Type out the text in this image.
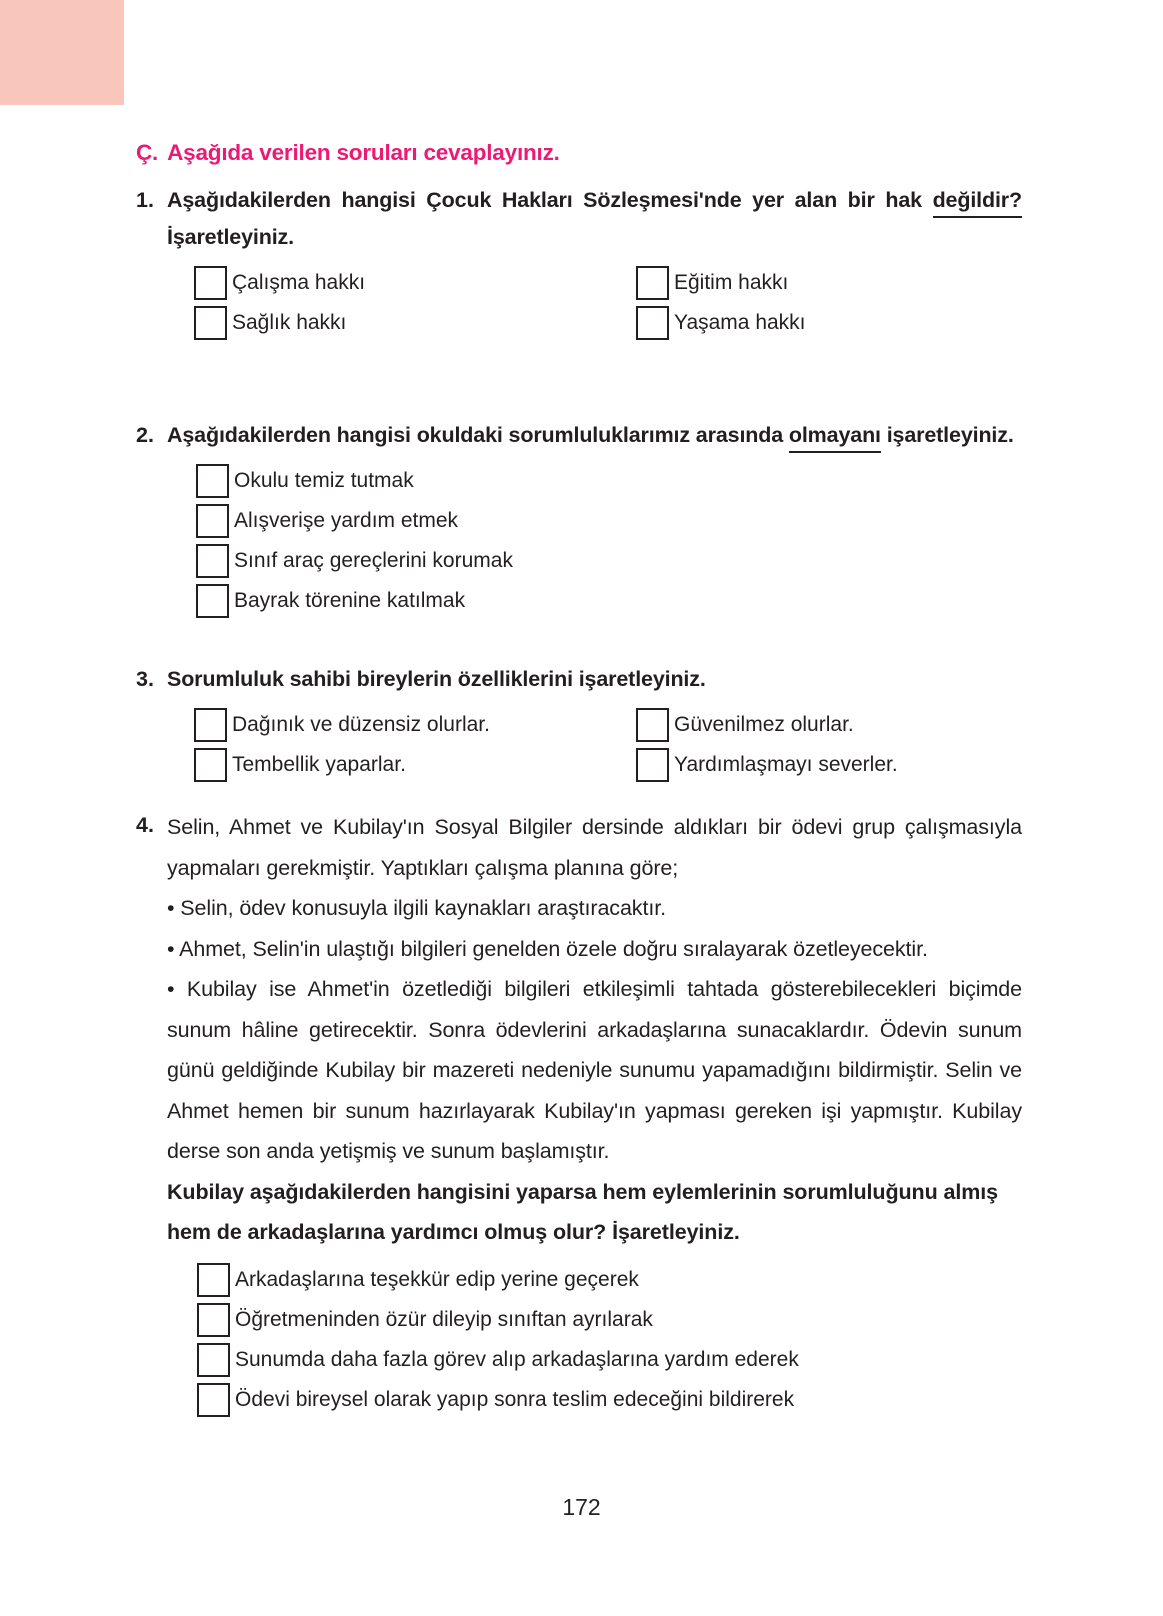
Ç. Aşağıda verilen soruları cevaplayınız.
1. Aşağıdakilerden hangisi Çocuk Hakları Sözleşmesi'nde yer alan bir hak değildir? İşaretleyiniz.

Çalışma hakkı
Sağlık hakkı
Eğitim hakkı
Yaşama hakkı
2. Aşağıdakilerden hangisi okuldaki sorumluluklarımız arasında olmayanı işaretleyiniz.

Okulu temiz tutmak
Alışverişe yardım etmek
Sınıf araç gereçlerini korumak
Bayrak törenine katılmak
3. Sorumluluk sahibi bireylerin özelliklerini işaretleyiniz.

Dağınık ve düzensiz olurlar.
Tembellik yaparlar.
Güvenilmez olurlar.
Yardımlaşmayı severler.
4. Selin, Ahmet ve Kubilay'ın Sosyal Bilgiler dersinde aldıkları bir ödevi grup çalışmasıyla yapmaları gerekmiştir. Yaptıkları çalışma planına göre;

• Selin, ödev konusuyla ilgili kaynakları araştıracaktır.

• Ahmet, Selin'in ulaştığı bilgileri genelden özele doğru sıralayarak özetleyecektir.

• Kubilay ise Ahmet'in özetlediği bilgileri etkileşimli tahtada gösterebilecekleri biçimde sunum hâline getirecektir. Sonra ödevlerini arkadaşlarına sunacaklardır. Ödevin sunum günü geldiğinde Kubilay bir mazereti nedeniyle sunumu yapamadığını bildirmiştir. Selin ve Ahmet hemen bir sunum hazırlayarak Kubilay'ın yapması gereken işi yapmıştır. Kubilay derse son anda yetişmiş ve sunum başlamıştır.

Kubilay aşağıdakilerden hangisini yaparsa hem eylemlerinin sorumluluğunu almış hem de arkadaşlarına yardımcı olmuş olur? İşaretleyiniz.

Arkadaşlarına teşekkür edip yerine geçerek
Öğretmeninden özür dileyip sınıftan ayrılarak
Sunumda daha fazla görev alıp arkadaşlarına yardım ederek
Ödevi bireysel olarak yapıp sonra teslim edeceğini bildirerek
172
